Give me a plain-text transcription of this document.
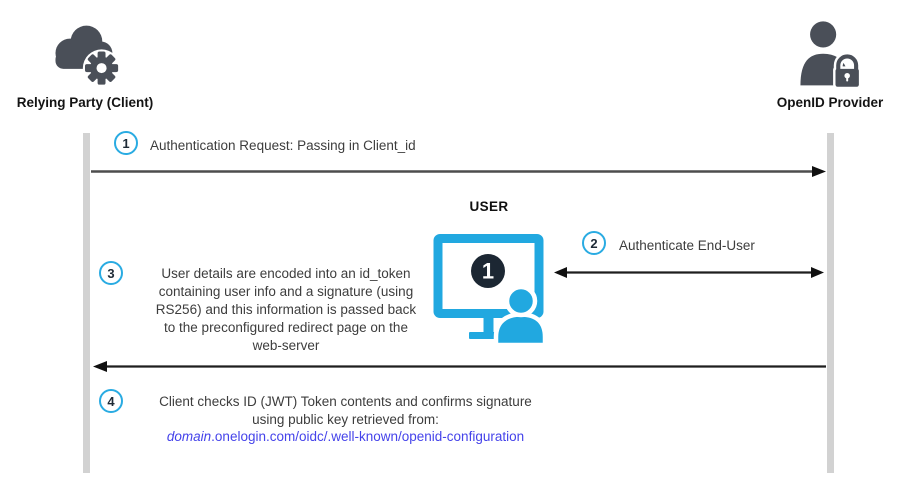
Relying Party (Client)	OpenID Provider
1	Authentication Request: Passing in Client_id
USER
1
2	Authenticate End-User
3	User details are encoded into an id_token
containing user info and a signature (using
RS256) and this information is passed back
to the preconfigured redirect page on the
web-server
4	Client checks ID (JWT) Token contents and confirms signature
using public key retrieved from:
domain.onelogin.com/oidc/.well-known/openid-configuration
